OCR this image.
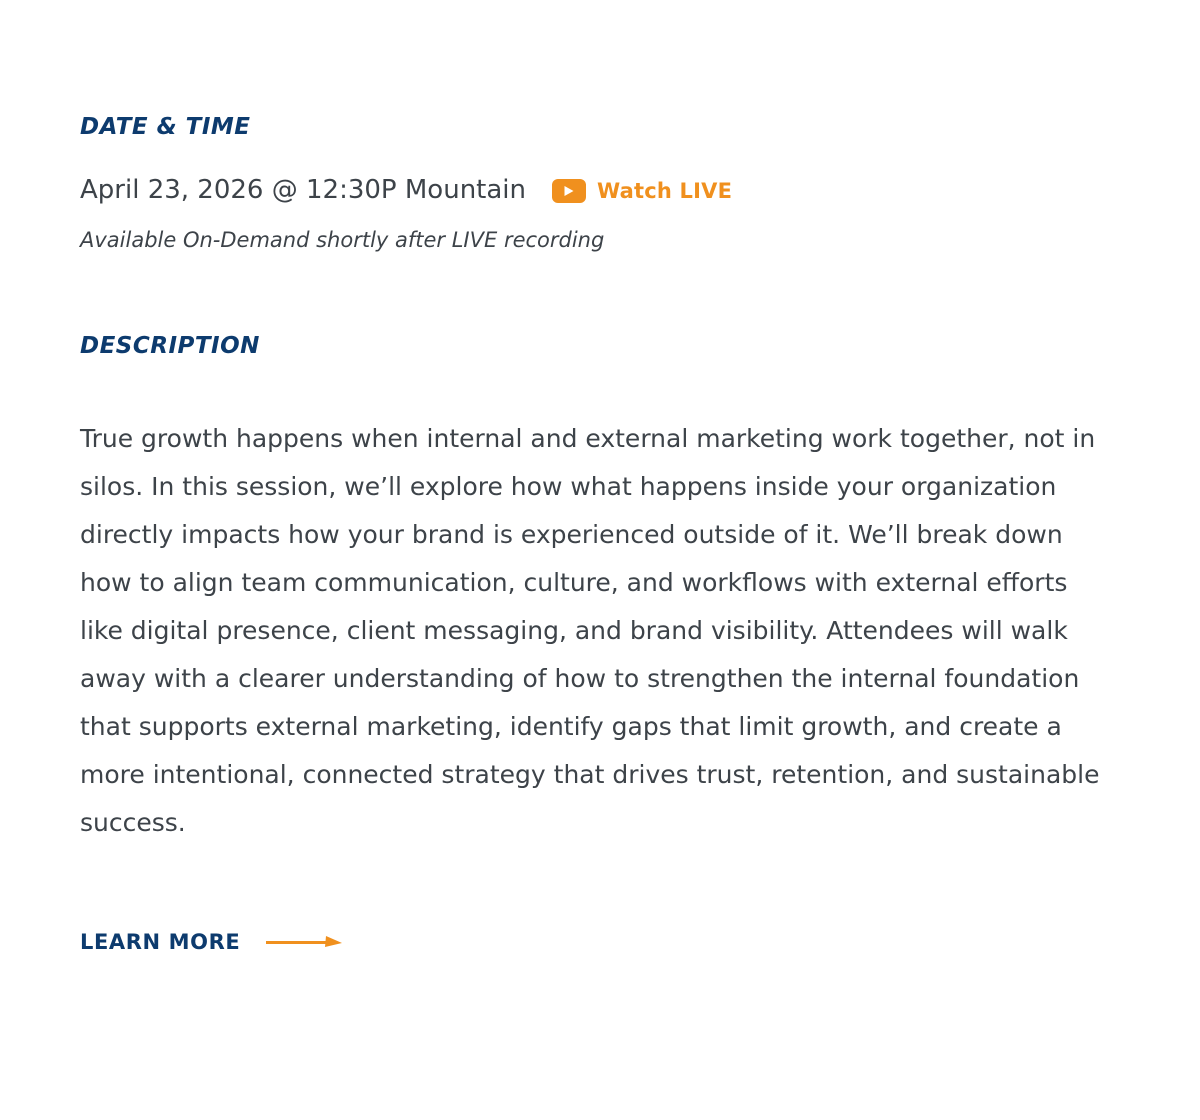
DATE & TIME
April 23, 2026 @ 12:30P Mountain	Watch LIVE
Available On-Demand shortly after LIVE recording
DESCRIPTION

True growth happens when internal and external marketing work together, not in silos. In this session, we’ll explore how what happens inside your organization directly impacts how your brand is experienced outside of it. We’ll break down how to align team communication, culture, and workflows with external efforts like digital presence, client messaging, and brand visibility. Attendees will walk away with a clearer understanding of how to strengthen the internal foundation that supports external marketing, identify gaps that limit growth, and create a more intentional, connected strategy that drives trust, retention, and sustainable success.

LEARN MORE
